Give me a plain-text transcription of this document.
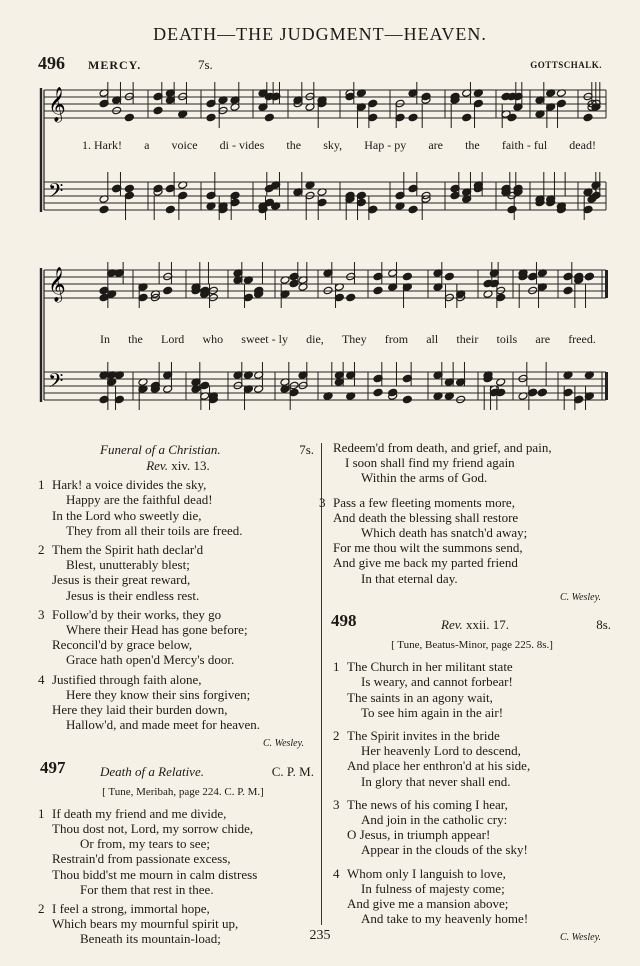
DEATH—THE JUDGMENT—HEAVEN.
496 MERCY.	7s.	GOTTSCHALK.
𝄞
𝄢
1. Hark! a voice di - vides the sky, Hap - py are the faith - ful dead!
𝄞
𝄢
In the Lord who sweet - ly die, They from all their toils are freed.
Funeral of a Christian.	7s.
Rev. xiv. 13.
1 Hark! a voice divides the sky,
Happy are the faithful dead!
In the Lord who sweetly die,
They from all their toils are freed.
2 Them the Spirit hath declar'd
Blest, unutterably blest;
Jesus is their great reward,
Jesus is their endless rest.
3 Follow'd by their works, they go
Where their Head has gone before;
Reconcil'd by grace below,
Grace hath open'd Mercy's door.
4 Justified through faith alone,
Here they know their sins forgiven;
Here they laid their burden down,
Hallow'd, and made meet for heaven.
C. Wesley.
497	Death of a Relative.	C. P. M.
[ Tune, Meribah, page 224. C. P. M.]
1 If death my friend and me divide,
Thou dost not, Lord, my sorrow chide,
Or from, my tears to see;
Restrain'd from passionate excess,
Thou bidd'st me mourn in calm distress
For them that rest in thee.
2 I feel a strong, immortal hope,
Which bears my mournful spirit up,
Beneath its mountain-load;
Redeem'd from death, and grief, and pain,
I soon shall find my friend again
Within the arms of God.
3 Pass a few fleeting moments more,
And death the blessing shall restore
Which death has snatch'd away;
For me thou wilt the summons send,
And give me back my parted friend
In that eternal day.
C. Wesley.
498	Rev. xxii. 17.	8s.
[ Tune, Beatus-Minor, page 225. 8s.]
1 The Church in her militant state
Is weary, and cannot forbear!
The saints in an agony wait,
To see him again in the air!
2 The Spirit invites in the bride
Her heavenly Lord to descend,
And place her enthron'd at his side,
In glory that never shall end.
3 The news of his coming I hear,
And join in the catholic cry:
O Jesus, in triumph appear!
Appear in the clouds of the sky!
4 Whom only I languish to love,
In fulness of majesty come;
And give me a mansion above;
And take to my heavenly home!
C. Wesley.
235
